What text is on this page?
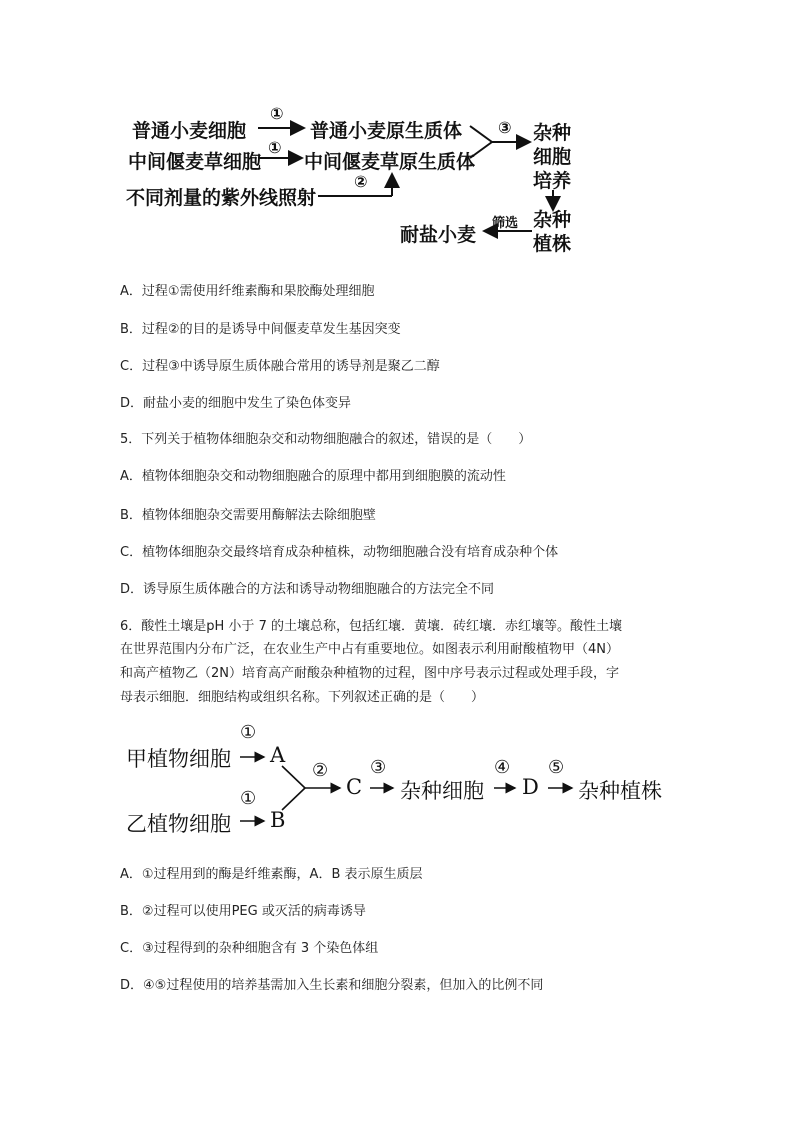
普通小麦细胞
①
普通小麦原生质体
中间偃麦草细胞
①
中间偃麦草原生质体
不同剂量的紫外线照射
②
③ 杂种
细胞
培养
杂种
植株
筛选
耐盐小麦
A．过程①需使用纤维素酶和果胶酶处理细胞
B．过程②的目的是诱导中间偃麦草发生基因突变
C．过程③中诱导原生质体融合常用的诱导剂是聚乙二醇
D．耐盐小麦的细胞中发生了染色体变异
5．下列关于植物体细胞杂交和动物细胞融合的叙述，错误的是（　　）
A．植物体细胞杂交和动物细胞融合的原理中都用到细胞膜的流动性
B．植物体细胞杂交需要用酶解法去除细胞壁
C．植物体细胞杂交最终培育成杂种植株，动物细胞融合没有培育成杂种个体
D．诱导原生质体融合的方法和诱导动物细胞融合的方法完全不同
6．酸性土壤是pH 小于 7 的土壤总称，包括红壤．黄壤．砖红壤．赤红壤等。酸性土壤
在世界范围内分布广泛，在农业生产中占有重要地位。如图表示利用耐酸植物甲（4N）
和高产植物乙（2N）培育高产耐酸杂种植物的过程，图中序号表示过程或处理手段，字
母表示细胞．细胞结构或组织名称。下列叙述正确的是（　　）
甲植物细胞
①
A
乙植物细胞
①
B
②
C
③
杂种细胞
④
D
⑤
杂种植株
A．①过程用到的酶是纤维素酶，A．B 表示原生质层
B．②过程可以使用PEG 或灭活的病毒诱导
C．③过程得到的杂种细胞含有 3 个染色体组
D．④⑤过程使用的培养基需加入生长素和细胞分裂素，但加入的比例不同
